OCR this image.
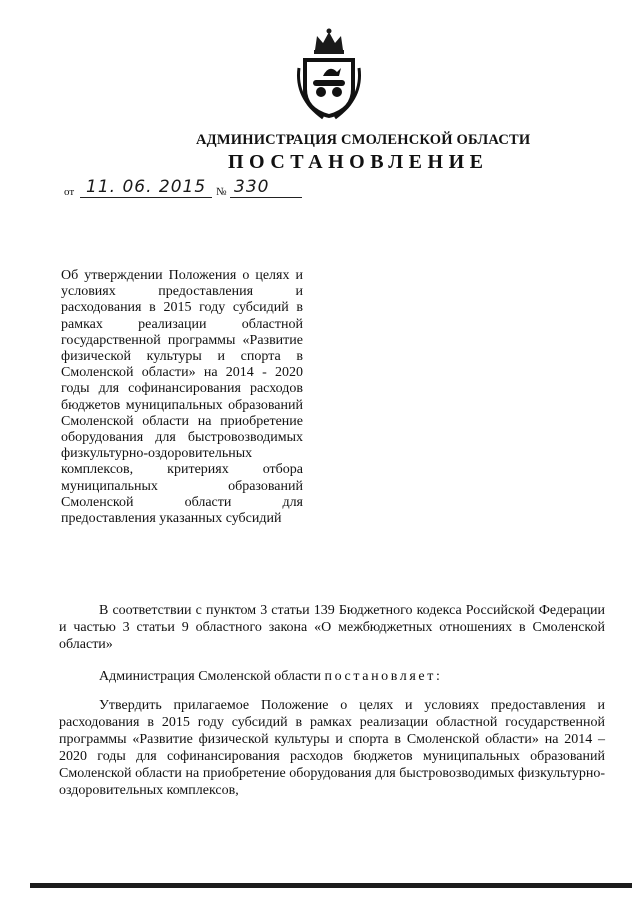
АДМИНИСТРАЦИЯ СМОЛЕНСКОЙ ОБЛАСТИ
ПОСТАНОВЛЕНИЕ
от 11. 06. 2015 № 330
Об утверждении Положения о целях и условиях предоставления и расходования в 2015 году субсидий в рамках реализации областной государственной программы «Развитие физической культуры и спорта в Смоленской области» на 2014 - 2020 годы для софинансирования расходов бюджетов муниципальных образований Смоленской области на приобретение оборудования для быстровозводимых физкультурно-оздоровительных комплексов, критериях отбора муниципальных образований Смоленской области для предоставления указанных субсидий

В соответствии с пунктом 3 статьи 139 Бюджетного кодекса Российской Федерации и частью 3 статьи 9 областного закона «О межбюджетных отношениях в Смоленской области»

Администрация Смоленской области постановляет:

Утвердить прилагаемое Положение о целях и условиях предоставления и расходования в 2015 году субсидий в рамках реализации областной государственной программы «Развитие физической культуры и спорта в Смоленской области» на 2014 – 2020 годы для софинансирования расходов бюджетов муниципальных образований Смоленской области на приобретение оборудования для быстровозводимых физкультурно-оздоровительных комплексов,
